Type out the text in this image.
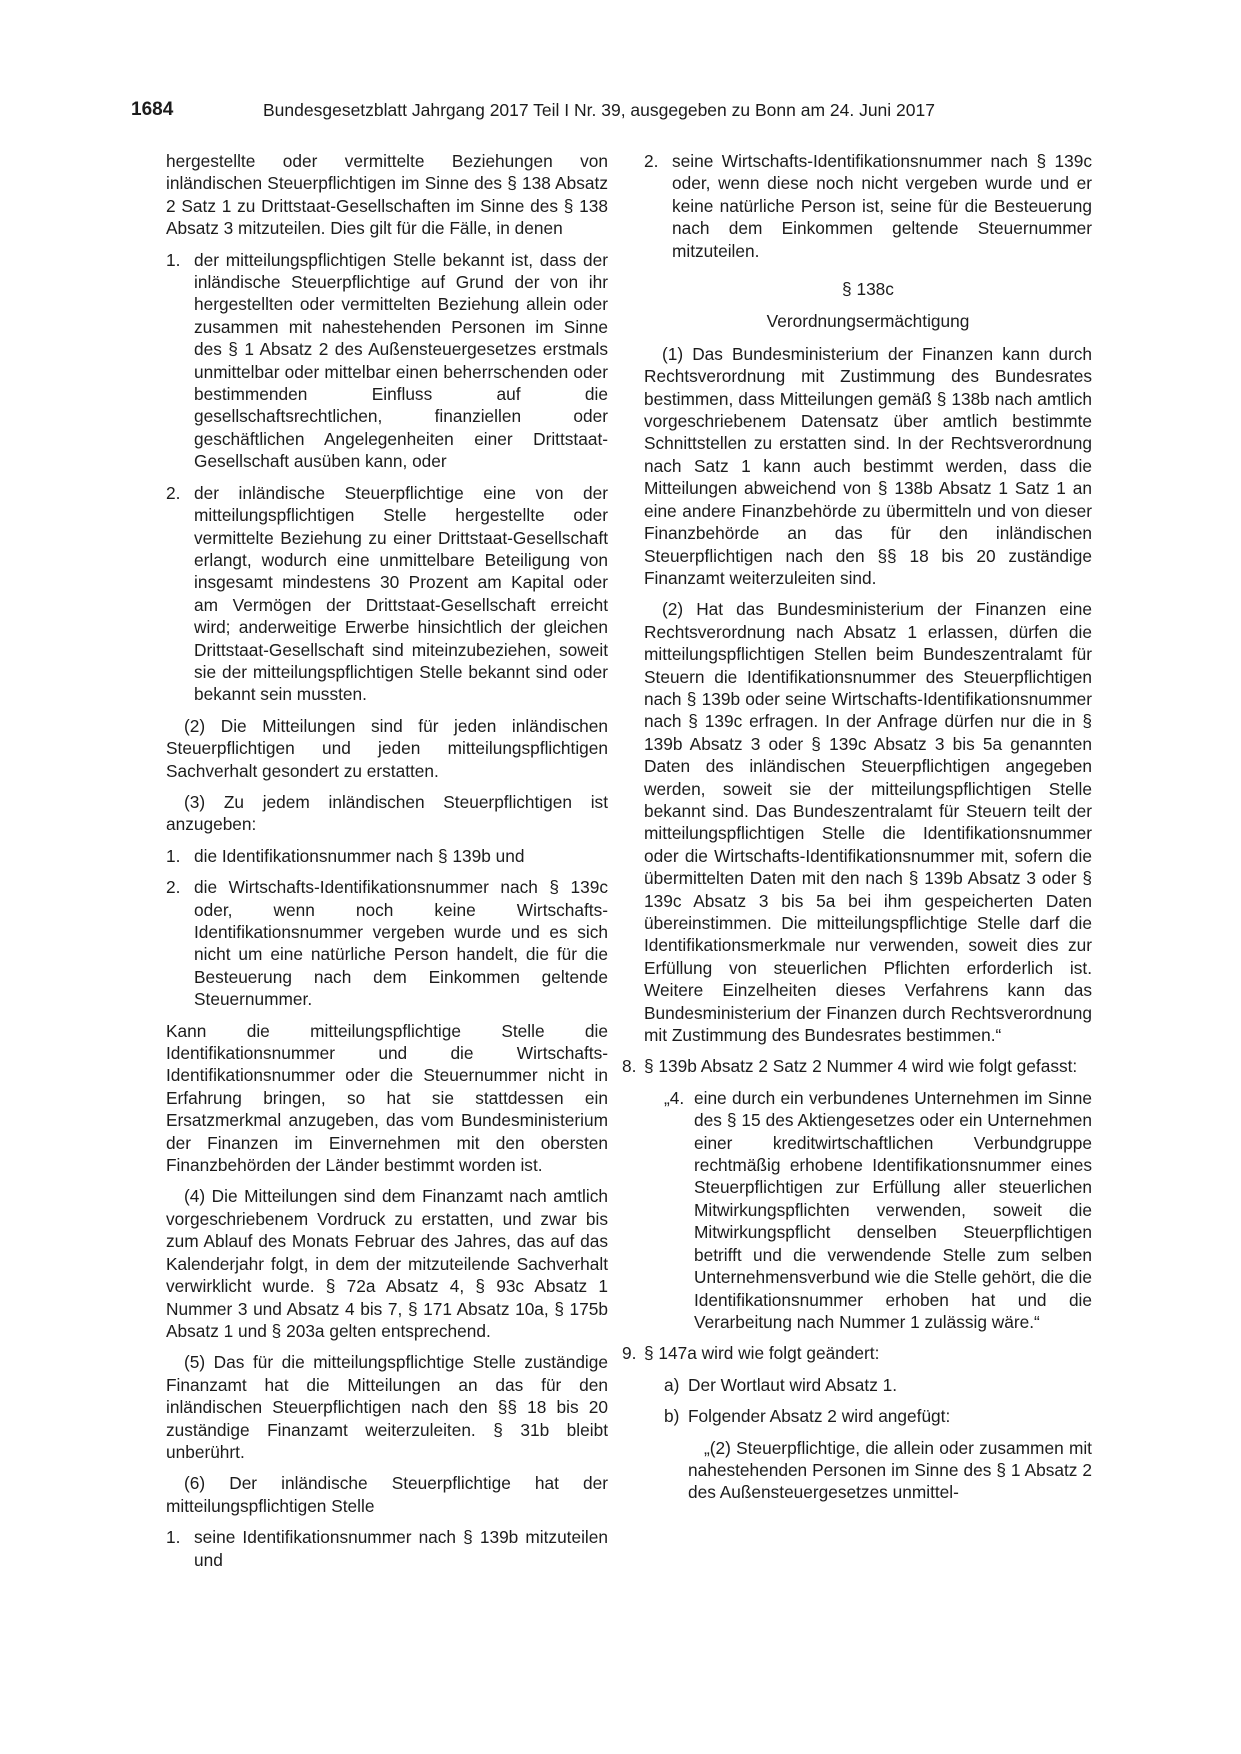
1684	Bundesgesetzblatt Jahrgang 2017 Teil I Nr. 39, ausgegeben zu Bonn am 24. Juni 2017

hergestellte oder vermittelte Beziehungen von inländischen Steuerpflichtigen im Sinne des § 138 Absatz 2 Satz 1 zu Drittstaat-Gesellschaften im Sinne des § 138 Absatz 3 mitzuteilen. Dies gilt für die Fälle, in denen

1. der mitteilungspflichtigen Stelle bekannt ist, dass der inländische Steuerpflichtige auf Grund der von ihr hergestellten oder vermittelten Beziehung allein oder zusammen mit nahestehenden Personen im Sinne des § 1 Absatz 2 des Außensteuergesetzes erstmals unmittelbar oder mittelbar einen beherrschenden oder bestimmenden Einfluss auf die gesellschaftsrechtlichen, finanziellen oder geschäftlichen Angelegenheiten einer Drittstaat-Gesellschaft ausüben kann, oder
2. der inländische Steuerpflichtige eine von der mitteilungspflichtigen Stelle hergestellte oder vermittelte Beziehung zu einer Drittstaat-Gesellschaft erlangt, wodurch eine unmittelbare Beteiligung von insgesamt mindestens 30 Prozent am Kapital oder am Vermögen der Drittstaat-Gesellschaft erreicht wird; anderweitige Erwerbe hinsichtlich der gleichen Drittstaat-Gesellschaft sind miteinzubeziehen, soweit sie der mitteilungspflichtigen Stelle bekannt sind oder bekannt sein mussten.

(2) Die Mitteilungen sind für jeden inländischen Steuerpflichtigen und jeden mitteilungspflichtigen Sachverhalt gesondert zu erstatten.

(3) Zu jedem inländischen Steuerpflichtigen ist anzugeben:

1. die Identifikationsnummer nach § 139b und
2. die Wirtschafts-Identifikationsnummer nach § 139c oder, wenn noch keine Wirtschafts-Identifikationsnummer vergeben wurde und es sich nicht um eine natürliche Person handelt, die für die Besteuerung nach dem Einkommen geltende Steuernummer.

Kann die mitteilungspflichtige Stelle die Identifikationsnummer und die Wirtschafts-Identifikationsnummer oder die Steuernummer nicht in Erfahrung bringen, so hat sie stattdessen ein Ersatzmerkmal anzugeben, das vom Bundesministerium der Finanzen im Einvernehmen mit den obersten Finanzbehörden der Länder bestimmt worden ist.

(4) Die Mitteilungen sind dem Finanzamt nach amtlich vorgeschriebenem Vordruck zu erstatten, und zwar bis zum Ablauf des Monats Februar des Jahres, das auf das Kalenderjahr folgt, in dem der mitzuteilende Sachverhalt verwirklicht wurde. § 72a Absatz 4, § 93c Absatz 1 Nummer 3 und Absatz 4 bis 7, § 171 Absatz 10a, § 175b Absatz 1 und § 203a gelten entsprechend.

(5) Das für die mitteilungspflichtige Stelle zuständige Finanzamt hat die Mitteilungen an das für den inländischen Steuerpflichtigen nach den §§ 18 bis 20 zuständige Finanzamt weiterzuleiten. § 31b bleibt unberührt.

(6) Der inländische Steuerpflichtige hat der mitteilungspflichtigen Stelle

1. seine Identifikationsnummer nach § 139b mitzuteilen und
2. seine Wirtschafts-Identifikationsnummer nach § 139c oder, wenn diese noch nicht vergeben wurde und er keine natürliche Person ist, seine für die Besteuerung nach dem Einkommen geltende Steuernummer mitzuteilen.

§ 138c

Verordnungsermächtigung

(1) Das Bundesministerium der Finanzen kann durch Rechtsverordnung mit Zustimmung des Bundesrates bestimmen, dass Mitteilungen gemäß § 138b nach amtlich vorgeschriebenem Datensatz über amtlich bestimmte Schnittstellen zu erstatten sind. In der Rechtsverordnung nach Satz 1 kann auch bestimmt werden, dass die Mitteilungen abweichend von § 138b Absatz 1 Satz 1 an eine andere Finanzbehörde zu übermitteln und von dieser Finanzbehörde an das für den inländischen Steuerpflichtigen nach den §§ 18 bis 20 zuständige Finanzamt weiterzuleiten sind.

(2) Hat das Bundesministerium der Finanzen eine Rechtsverordnung nach Absatz 1 erlassen, dürfen die mitteilungspflichtigen Stellen beim Bundeszentralamt für Steuern die Identifikationsnummer des Steuerpflichtigen nach § 139b oder seine Wirtschafts-Identifikationsnummer nach § 139c erfragen. In der Anfrage dürfen nur die in § 139b Absatz 3 oder § 139c Absatz 3 bis 5a genannten Daten des inländischen Steuerpflichtigen angegeben werden, soweit sie der mitteilungspflichtigen Stelle bekannt sind. Das Bundeszentralamt für Steuern teilt der mitteilungspflichtigen Stelle die Identifikationsnummer oder die Wirtschafts-Identifikationsnummer mit, sofern die übermittelten Daten mit den nach § 139b Absatz 3 oder § 139c Absatz 3 bis 5a bei ihm gespeicherten Daten übereinstimmen. Die mitteilungspflichtige Stelle darf die Identifikationsmerkmale nur verwenden, soweit dies zur Erfüllung von steuerlichen Pflichten erforderlich ist. Weitere Einzelheiten dieses Verfahrens kann das Bundesministerium der Finanzen durch Rechtsverordnung mit Zustimmung des Bundesrates bestimmen.“

8. § 139b Absatz 2 Satz 2 Nummer 4 wird wie folgt gefasst:
„4. eine durch ein verbundenes Unternehmen im Sinne des § 15 des Aktiengesetzes oder ein Unternehmen einer kreditwirtschaftlichen Verbundgruppe rechtmäßig erhobene Identifikationsnummer eines Steuerpflichtigen zur Erfüllung aller steuerlichen Mitwirkungspflichten verwenden, soweit die Mitwirkungspflicht denselben Steuerpflichtigen betrifft und die verwendende Stelle zum selben Unternehmensverbund wie die Stelle gehört, die die Identifikationsnummer erhoben hat und die Verarbeitung nach Nummer 1 zulässig wäre.“
9. § 147a wird wie folgt geändert:
a) Der Wortlaut wird Absatz 1.
b) Folgender Absatz 2 wird angefügt:

„(2) Steuerpflichtige, die allein oder zusammen mit nahestehenden Personen im Sinne des § 1 Absatz 2 des Außensteuergesetzes unmittel-
